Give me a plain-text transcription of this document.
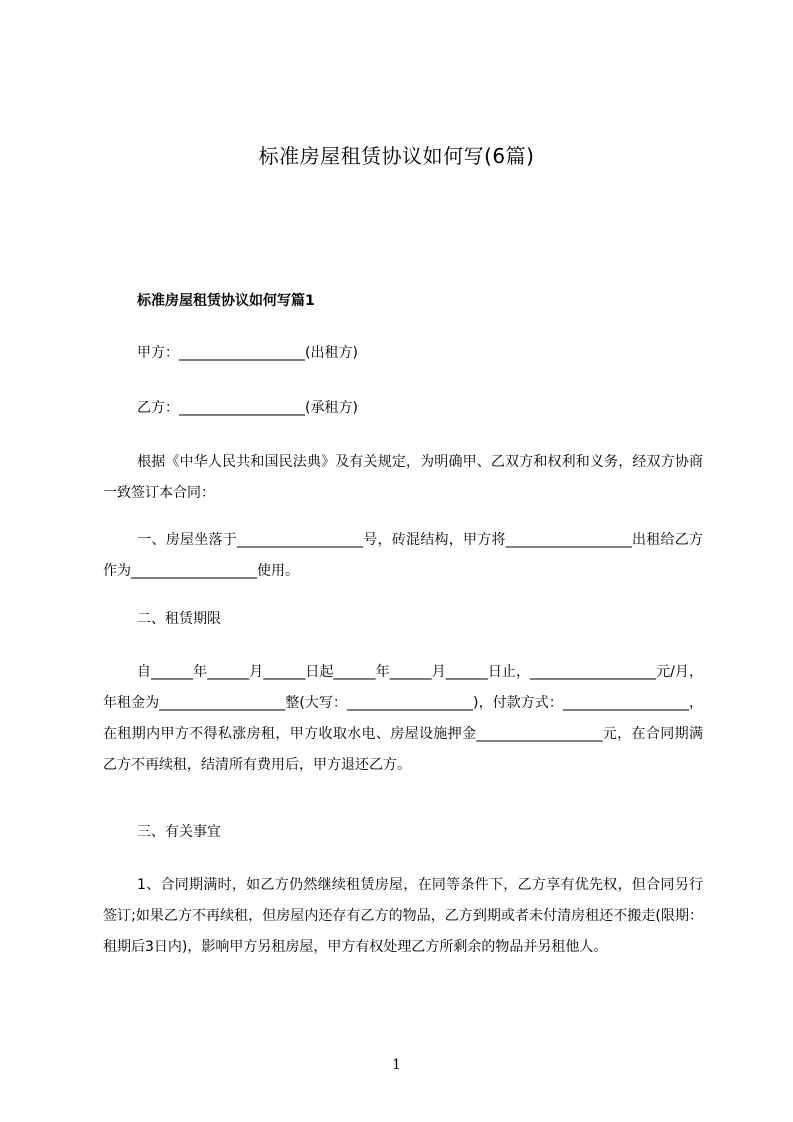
标准房屋租赁协议如何写(6篇)
标准房屋租赁协议如何写篇1
甲方：__________________(出租方)
乙方：__________________(承租方)
根据《中华人民共和国民法典》及有关规定，为明确甲、乙双方和权利和义务，经双方协商一致签订本合同：
一、房屋坐落于__________________号，砖混结构，甲方将__________________出租给乙方作为__________________使用。
二、租赁期限
自______年______月______日起______年______月______日止，__________________元/月，年租金为__________________整(大写：__________________)，付款方式：__________________，在租期内甲方不得私涨房租，甲方收取水电、房屋设施押金__________________元，在合同期满乙方不再续租，结清所有费用后，甲方退还乙方。
三、有关事宜
1、合同期满时，如乙方仍然继续租赁房屋，在同等条件下，乙方享有优先权，但合同另行签订;如果乙方不再续租，但房屋内还存有乙方的物品，乙方到期或者未付清房租还不搬走(限期：租期后3日内)，影响甲方另租房屋，甲方有权处理乙方所剩余的物品并另租他人。
1
